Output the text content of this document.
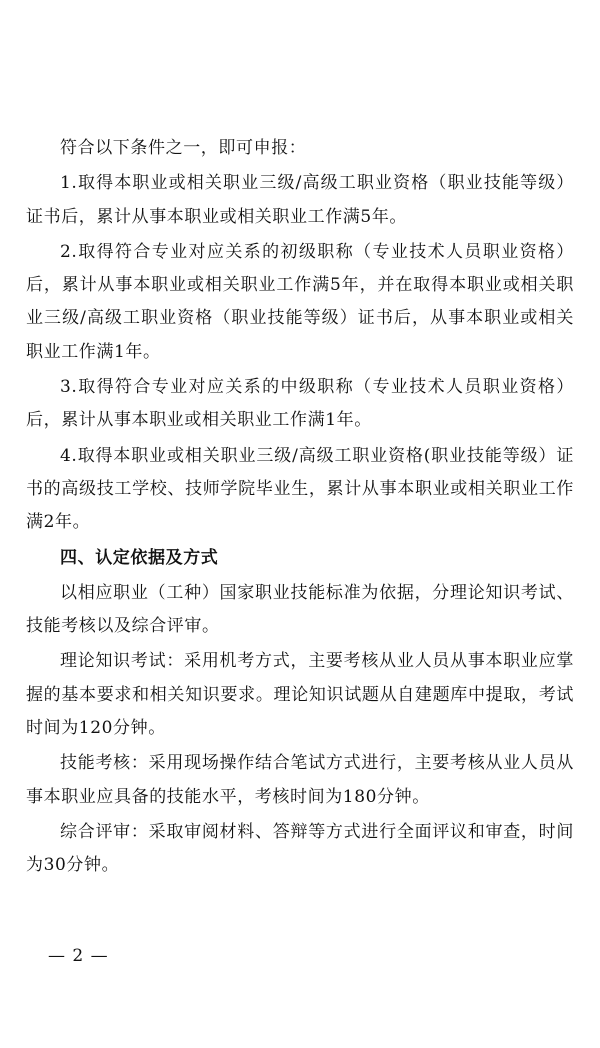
符合以下条件之一，即可申报：

1.取得本职业或相关职业三级/高级工职业资格（职业技能等级）证书后，累计从事本职业或相关职业工作满5年。

2.取得符合专业对应关系的初级职称（专业技术人员职业资格）后，累计从事本职业或相关职业工作满5年，并在取得本职业或相关职业三级/高级工职业资格（职业技能等级）证书后，从事本职业或相关职业工作满1年。

3.取得符合专业对应关系的中级职称（专业技术人员职业资格）后，累计从事本职业或相关职业工作满1年。

4.取得本职业或相关职业三级/高级工职业资格(职业技能等级）证书的高级技工学校、技师学院毕业生，累计从事本职业或相关职业工作满2年。

四、认定依据及方式

以相应职业（工种）国家职业技能标准为依据，分理论知识考试、技能考核以及综合评审。

理论知识考试：采用机考方式，主要考核从业人员从事本职业应掌握的基本要求和相关知识要求。理论知识试题从自建题库中提取，考试时间为120分钟。

技能考核：采用现场操作结合笔试方式进行，主要考核从业人员从事本职业应具备的技能水平，考核时间为180分钟。

综合评审：采取审阅材料、答辩等方式进行全面评议和审查，时间为30分钟。

— 2 —
